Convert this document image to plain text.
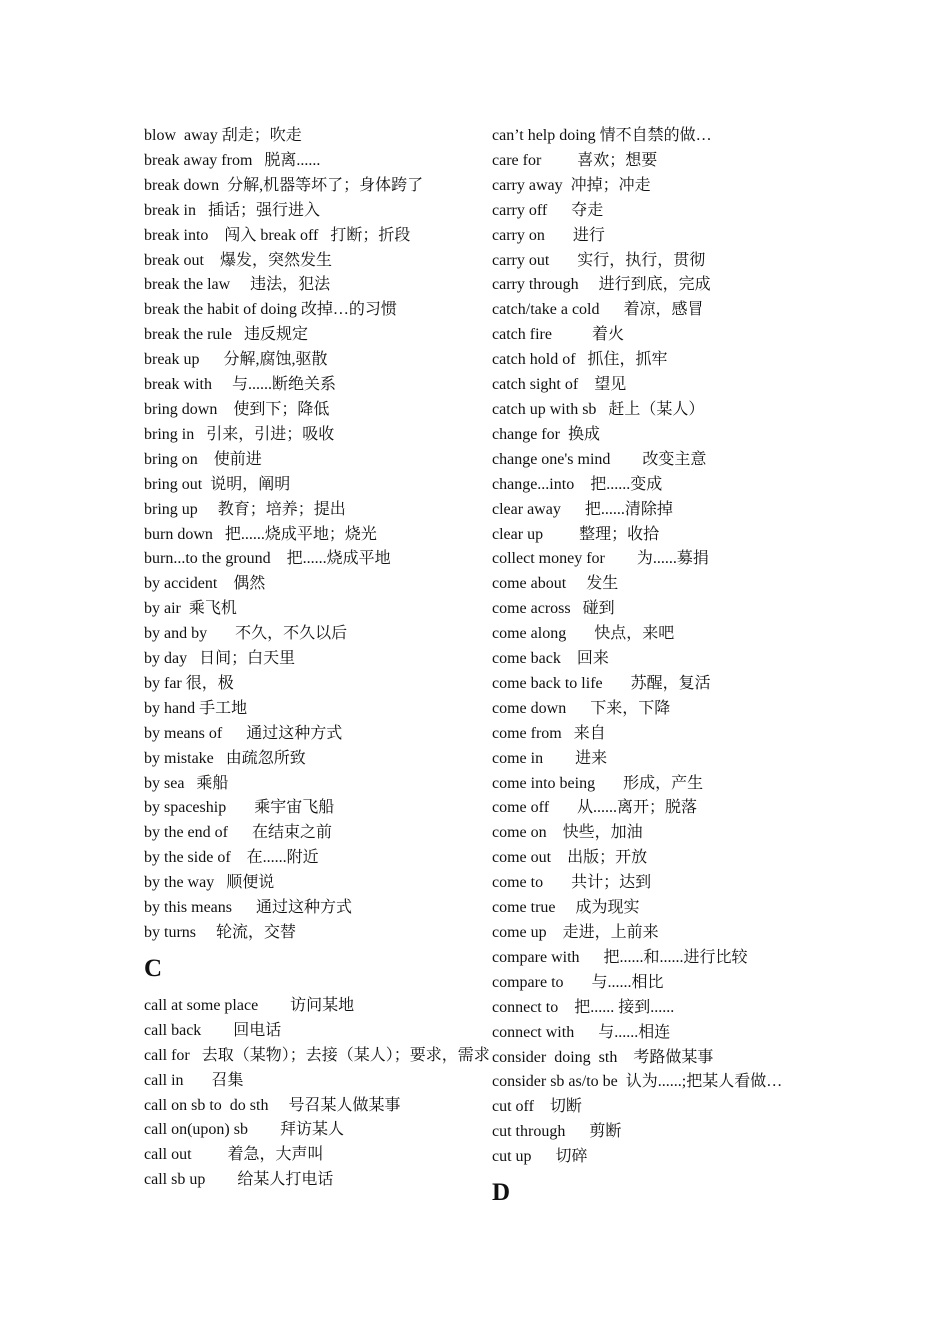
blow  away 刮走；吹走
break away from   脱离......
break down  分解,机器等坏了；身体跨了
break in   插话；强行进入
break into    闯入 break off   打断；折段
break out    爆发，突然发生
break the law     违法，犯法
break the habit of doing 改掉…的习惯
break the rule   违反规定
break up      分解,腐蚀,驱散
break with     与......断绝关系
bring down    使到下；降低
bring in   引来，引进；吸收
bring on    使前进
bring out  说明，阐明
bring up     教育；培养；提出
burn down   把......烧成平地；烧光
burn...to the ground    把......烧成平地
by accident    偶然
by air  乘飞机
by and by       不久，不久以后
by day   日间；白天里
by far 很，极
by hand 手工地
by means of      通过这种方式
by mistake   由疏忽所致
by sea   乘船
by spaceship       乘宇宙飞船
by the end of      在结束之前
by the side of    在......附近
by the way   顺便说
by this means      通过这种方式
by turns     轮流，交替
C
call at some place        访问某地
call back        回电话
call for   去取（某物）；去接（某人）；要求，需求
call in       召集
call on sb to  do sth     号召某人做某事
call on(upon) sb        拜访某人
call out         着急，大声叫
call sb up        给某人打电话
can’t help doing 情不自禁的做…
care for         喜欢；想要
carry away  冲掉；冲走
carry off      夺走
carry on       进行
carry out       实行，执行，贯彻
carry through     进行到底，完成
catch/take a cold      着凉，感冒
catch fire          着火
catch hold of   抓住，抓牢
catch sight of    望见
catch up with sb   赶上（某人）
change for  换成
change one's mind        改变主意
change...into    把......变成
clear away      把......清除掉
clear up         整理；收拾
collect money for        为......募捐
come about     发生
come across   碰到
come along       快点，来吧
come back    回来
come back to life       苏醒，复活
come down      下来，下降
come from   来自
come in        进来
come into being       形成，产生
come off       从......离开；脱落
come on    快些，加油
come out    出版；开放
come to       共计；达到
come true     成为现实
come up    走进，上前来
compare with      把......和......进行比较
compare to       与......相比
connect to    把...... 接到......
connect with      与......相连
consider  doing  sth    考路做某事
consider sb as/to be  认为......;把某人看做…
cut off    切断
cut through      剪断
cut up      切碎
D
